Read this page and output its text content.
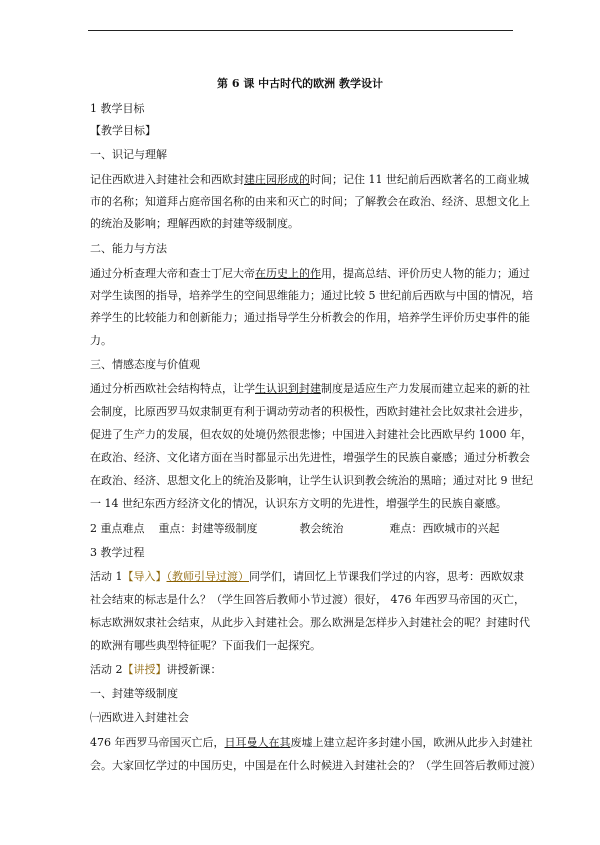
第 6 课 中古时代的欧洲 教学设计

1 教学目标

【教学目标】

一、识记与理解

记住西欧进入封建社会和西欧封建庄园形成的时间；记住 11 世纪前后西欧著名的工商业城

市的名称；知道拜占庭帝国名称的由来和灭亡的时间；了解教会在政治、经济、思想文化上

的统治及影响；理解西欧的封建等级制度。

二、能力与方法

通过分析查理大帝和查士丁尼大帝在历史上的作用，提高总结、评价历史人物的能力；通过

对学生读图的指导，培养学生的空间思维能力；通过比较 5 世纪前后西欧与中国的情况，培

养学生的比较能力和创新能力；通过指导学生分析教会的作用，培养学生评价历史事件的能

力。

三、情感态度与价值观

通过分析西欧社会结构特点，让学生认识到封建制度是适应生产力发展而建立起来的新的社

会制度，比原西罗马奴隶制更有利于调动劳动者的积极性，西欧封建社会比奴隶社会进步，

促进了生产力的发展，但农奴的处境仍然很悲惨；中国进入封建社会比西欧早约 1000 年，

在政治、经济、文化诸方面在当时都显示出先进性，增强学生的民族自豪感；通过分析教会

在政治、经济、思想文化上的统治及影响，让学生认识到教会统治的黑暗；通过对比 9 世纪

一 14 世纪东西方经济文化的情况，认识东方文明的先进性，增强学生的民族自豪感。

2 重点难点 重点：封建等级制度	教会统治	难点：西欧城市的兴起

3 教学过程

活动 1【导入】（教师引导过渡）同学们，请回忆上节课我们学过的内容，思考：西欧奴隶

社会结束的标志是什么？（学生回答后教师小节过渡）很好， 476 年西罗马帝国的灭亡，

标志欧洲奴隶社会结束，从此步入封建社会。那么欧洲是怎样步入封建社会的呢？封建时代

的欧洲有哪些典型特征呢？下面我们一起探究。

活动 2【讲授】讲授新课：

一、封建等级制度

㈠西欧进入封建社会

476 年西罗马帝国灭亡后，日耳曼人在其废墟上建立起许多封建小国，欧洲从此步入封建社

会。大家回忆学过的中国历史，中国是在什么时候进入封建社会的？（学生回答后教师过渡）
